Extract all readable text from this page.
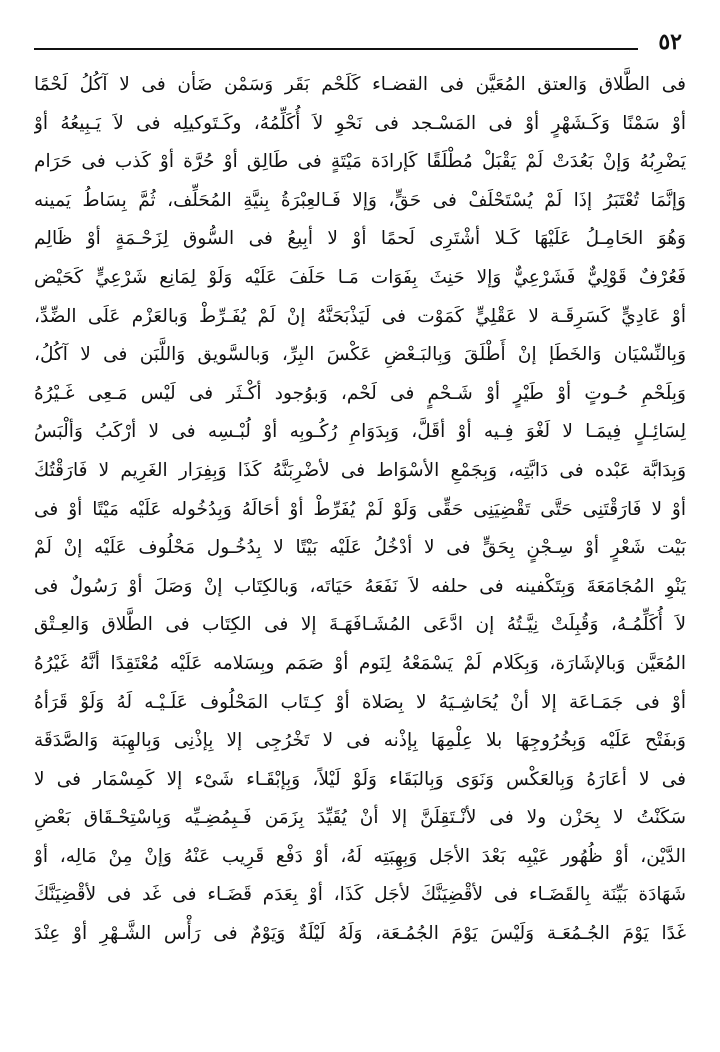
٥٢
فى الطَّلاق وَالعتق المُعَيَّن فى القضـاء كَلَحْم بَقَر وَسَمْن ضَأن فى لا آكُلُ لَحْمًا
أوْ سَمْنًا وَكَـشَهْرٍ أوْ فى المَسْـجد فى نَحْوِ لاَ أُكَلِّمُهُ، وكَـتَوكيلِه فى لاَ يَـبِيعُهُ أوْ
يَضْرِبُهُ وَإنْ بَعُدَتْ لَمْ يَقْبَلْ مُطْلَقًا كَإرادَة مَيْتَةٍ فى طَالِق أوْ حُرَّة أوْ كَذب فى حَرَام
وَإنَّمَا تُعْتَبَرُ إذَا لَمْ يُسْتَحْلَفْ فى حَقٍّ، وَإلا فَـالعِبْرَةُ بِنيَّةِ المُحَلِّف، ثُمَّ بِسَاطُ يَمينه
وَهُوَ الحَامِـلُ عَلَيْهَا كَـلا أشْتَرِى لَحمًا أوْ لا أبِيعُ فى السُّوق لِزَحْـمَةٍ أوْ ظَالِم
فَعُرْفٌ قَوْلِيٌّ فَشَرْعِيٌّ وَإلا حَنِثَ بِفَوَات مَـا حَلَفَ عَلَيْه وَلَوْ لِمَانِع شَرْعِيٍّ كَحَيْض
أوْ عَادِيٍّ كَسَرِقَـة لا عَقْلِيٍّ كَمَوْت فى لَيَذْبَحَنَّهُ إنْ لَمْ يُفَـرِّطْ وَبالعَزْم عَلَى الضِّدِّ،
وَبِالنِّسْيَان وَالخَطَإ إنْ أَطْلَقَ وَبِالبَـعْضِ عَكْسَ البِرِّ، وَبالسَّويق وَاللَّبَن فى لا آكُلُ،
وَبِلَحْمِ حُـوتٍ أوْ طَيْرٍ أوْ شَـحْمٍ فى لَحْم، وَبوُجود أكْـثَر فى لَيْس مَـعِى غَـيْرُهُ
لِسَائِـلٍ فِيمَـا لا لَغْوَ فِـيه أوْ أقَلَّ، وَبِدَوَامِ رُكُـوبِه أوْ لُبْـسِه فى لا أرْكَبُ وَألْبَسُ
وَبِدَابَّة عَبْده فى دَابَّتِه، وَبِجَمْعِ الأسْوَاط فى لأضْرِبَنَّهُ كَذَا وَبِفِرَار الغَرِيم لا فَارَقْتُكَ
أوْ لا فَارَقْتَنِى حَتَّى تَقْضِيَنِى حَقِّى وَلَوْ لَمْ يُفَرِّطْ أوْ أحَالَهُ وَبِدُخُوله عَلَيْه مَيْتًا أوْ فى
بَيْت شَعْرٍ أوْ سِـجْنٍ بِحَقٍّ فى لا أدْخُلُ عَلَيْه بَيْتًا لا بِدُخُـول مَحْلُوف عَلَيْه إنْ لَمْ
يَنْوِ المُجَامَعَةَ وَبِتَكْفينه فى حلفه لاَ نَفَعَهُ حَيَاتَه، وَبالكِتَاب إنْ وَصَلَ أوْ رَسُولٌ فى
لاَ أُكَلِّمُـهُ، وَقُبِلَتْ نِيَّـتُهُ إن ادَّعَى المُشَـافَهَـةَ إلا فى الكِتَاب فى الطَّلاق وَالعِـتْق
المُعَيَّن وَبالإشَارَة، وَبِكَلام لَمْ يَسْمَعْهُ لِنَوم أوْ صَمَم وبِسَلامه عَلَيْه مُعْتَقِدًا أنَّهُ غَيْرُهُ
أوْ فى جَمَـاعَة إلا أنْ يُحَاشِـيَهُ لا بِصَلاة أوْ كِـتَاب المَحْلُوف عَلَـيْـه لَهُ وَلَوْ قَرَأهُ
وَبفَتْح عَلَيْه وَبِخُرُوجِهَا بلا عِلْمِهَا بِإذْنه فى لا تَخْرُجِى إلا بِإذْنِى وَبِالهِبَة وَالصَّدَقَة
فى لا أعَارَهُ وَبِالعَكْس وَنَوَى وَبِالبَقَاء وَلَوْ لَيْلاً، وَبِإبْقَـاء شَىْء إلا كَمِسْمَار فى لا
سَكَنْتُ لا بِحَزْن ولا فى لأنْـتَقِلَنَّ إلا أنْ يُقَيِّدَ بِزَمَن فَـبِمُضِـيِّه وَبِاسْتِحْـقَاق بَعْضِ
الدَّيْن، أوْ ظُهُور عَيْبِه بَعْدَ الأجَل وَبِهِبَتِه لَهُ، أوْ دَفْع قَرِيب عَنْهُ وَإنْ مِنْ مَالِه، أوْ
شَهَادَة بَيِّنَة بِالقَضَـاء فى لأقْضِيَنَّكَ لأجَل كَذَا، أوْ بِعَدَم قَضَـاء فى غَد فى لأقْضِيَنَّكَ
غَدًا يَوْمَ الجُـمُعَـة وَلَيْسَ يَوْمَ الجُمُـعَة، وَلَهُ لَيْلَةٌ وَيَوْمٌ فى رَأْس الشَّـهْرِ أوْ عِنْدَ
